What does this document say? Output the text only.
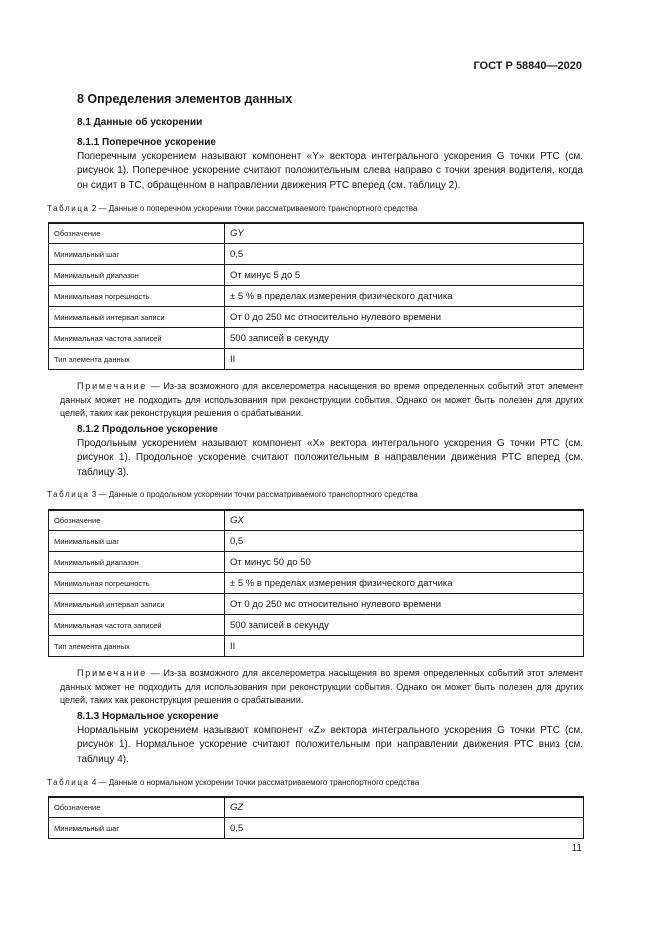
ГОСТ Р 58840—2020
8 Определения элементов данных
8.1 Данные об ускорении
8.1.1 Поперечное ускорение
Поперечным ускорением называют компонент «Y» вектора интегрального ускорения G точки РТС (см. рисунок 1). Поперечное ускорение считают положительным слева направо с точки зрения водителя, когда он сидит в ТС, обращенном в направлении движения РТС вперед (см. таблицу 2).
Таблица 2 — Данные о поперечном ускорении точки рассматриваемого транспортного средства
Обозначение	GY
Минимальный шаг	0,5
Минимальный диапазон	От минус 5 до 5
Минимальная погрешность	± 5 % в пределах измерения физического датчика
Минимальный интервал записи	От 0 до 250 мс относительно нулевого времени
Минимальная частота записей	500 записей в секунду
Тип элемента данных	II
Примечание — Из-за возможного для акселерометра насыщения во время определенных событий этот элемент данных может не подходить для использования при реконструкции события. Однако он может быть полезен для других целей, таких как реконструкция решения о срабатывании.
8.1.2 Продольное ускорение
Продольным ускорением называют компонент «X» вектора интегрального ускорения G точки РТС (см. рисунок 1). Продольное ускорение считают положительным в направлении движения РТС вперед (см. таблицу 3).
Таблица 3 — Данные о продольном ускорении точки рассматриваемого транспортного средства
Обозначение	GX
Минимальный шаг	0,5
Минимальный диапазон	От минус 50 до 50
Минимальная погрешность	± 5 % в пределах измерения физического датчика
Минимальный интервал записи	От 0 до 250 мс относительно нулевого времени
Минимальная частота записей	500 записей в секунду
Тип элемента данных	II
Примечание — Из-за возможного для акселерометра насыщения во время определенных событий этот элемент данных может не подходить для использования при реконструкции события. Однако он может быть полезен для других целей, таких как реконструкция решения о срабатывании.
8.1.3 Нормальное ускорение
Нормальным ускорением называют компонент «Z» вектора интегрального ускорения G точки РТС (см. рисунок 1). Нормальное ускорение считают положительным при направлении движения РТС вниз (см. таблицу 4).
Таблица 4 — Данные о нормальном ускорении точки рассматриваемого транспортного средства
Обозначение	GZ
Минимальный шаг	0,5
11
